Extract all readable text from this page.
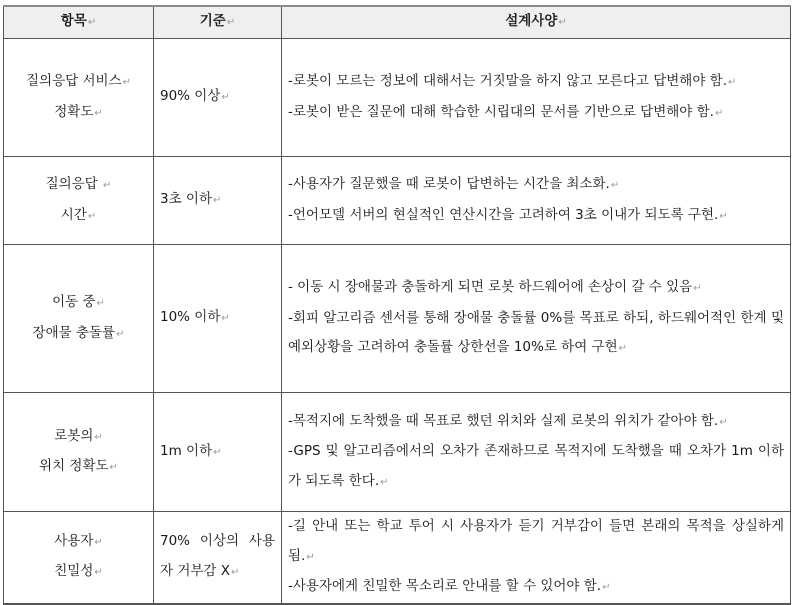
항목↵	기준↵	설계사양↵
질의응답 서비스↵
정확도↵	90% 이상↵	-로봇이 모르는 정보에 대해서는 거짓말을 하지 않고 모른다고 답변해야 함.↵
-로봇이 받은 질문에 대해 학습한 시립대의 문서를 기반으로 답변해야 함.↵

질의응답 ↵
시간↵	3초 이하↵	-사용자가 질문했을 때 로봇이 답변하는 시간을 최소화.↵
-언어모델 서버의 현실적인 연산시간을 고려하여 3초 이내가 되도록 구현.↵

이동 중↵
장애물 충돌률↵	10% 이하↵	- 이동 시 장애물과 충돌하게 되면 로봇 하드웨어에 손상이 갈 수 있음↵
-회피 알고리즘 센서를 통해 장애물 충돌률 0%를 목표로 하되, 하드웨어적인 한계 및 예외상황을 고려하여 충돌률 상한선을 10%로 하여 구현↵

로봇의↵
위치 정확도↵	1m 이하↵	-목적지에 도착했을 때 목표로 했던 위치와 실제 로봇의 위치가 같아야 함.↵
-GPS 및 알고리즘에서의 오차가 존재하므로 목적지에 도착했을 때 오차가 1m 이하가 되도록 한다.↵

사용자↵
친밀성↵	70% 이상의 사용자 거부감 X↵	-길 안내 또는 학교 투어 시 사용자가 듣기 거부감이 들면 본래의 목적을 상실하게 됨.↵
-사용자에게 친밀한 목소리로 안내를 할 수 있어야 함.↵
